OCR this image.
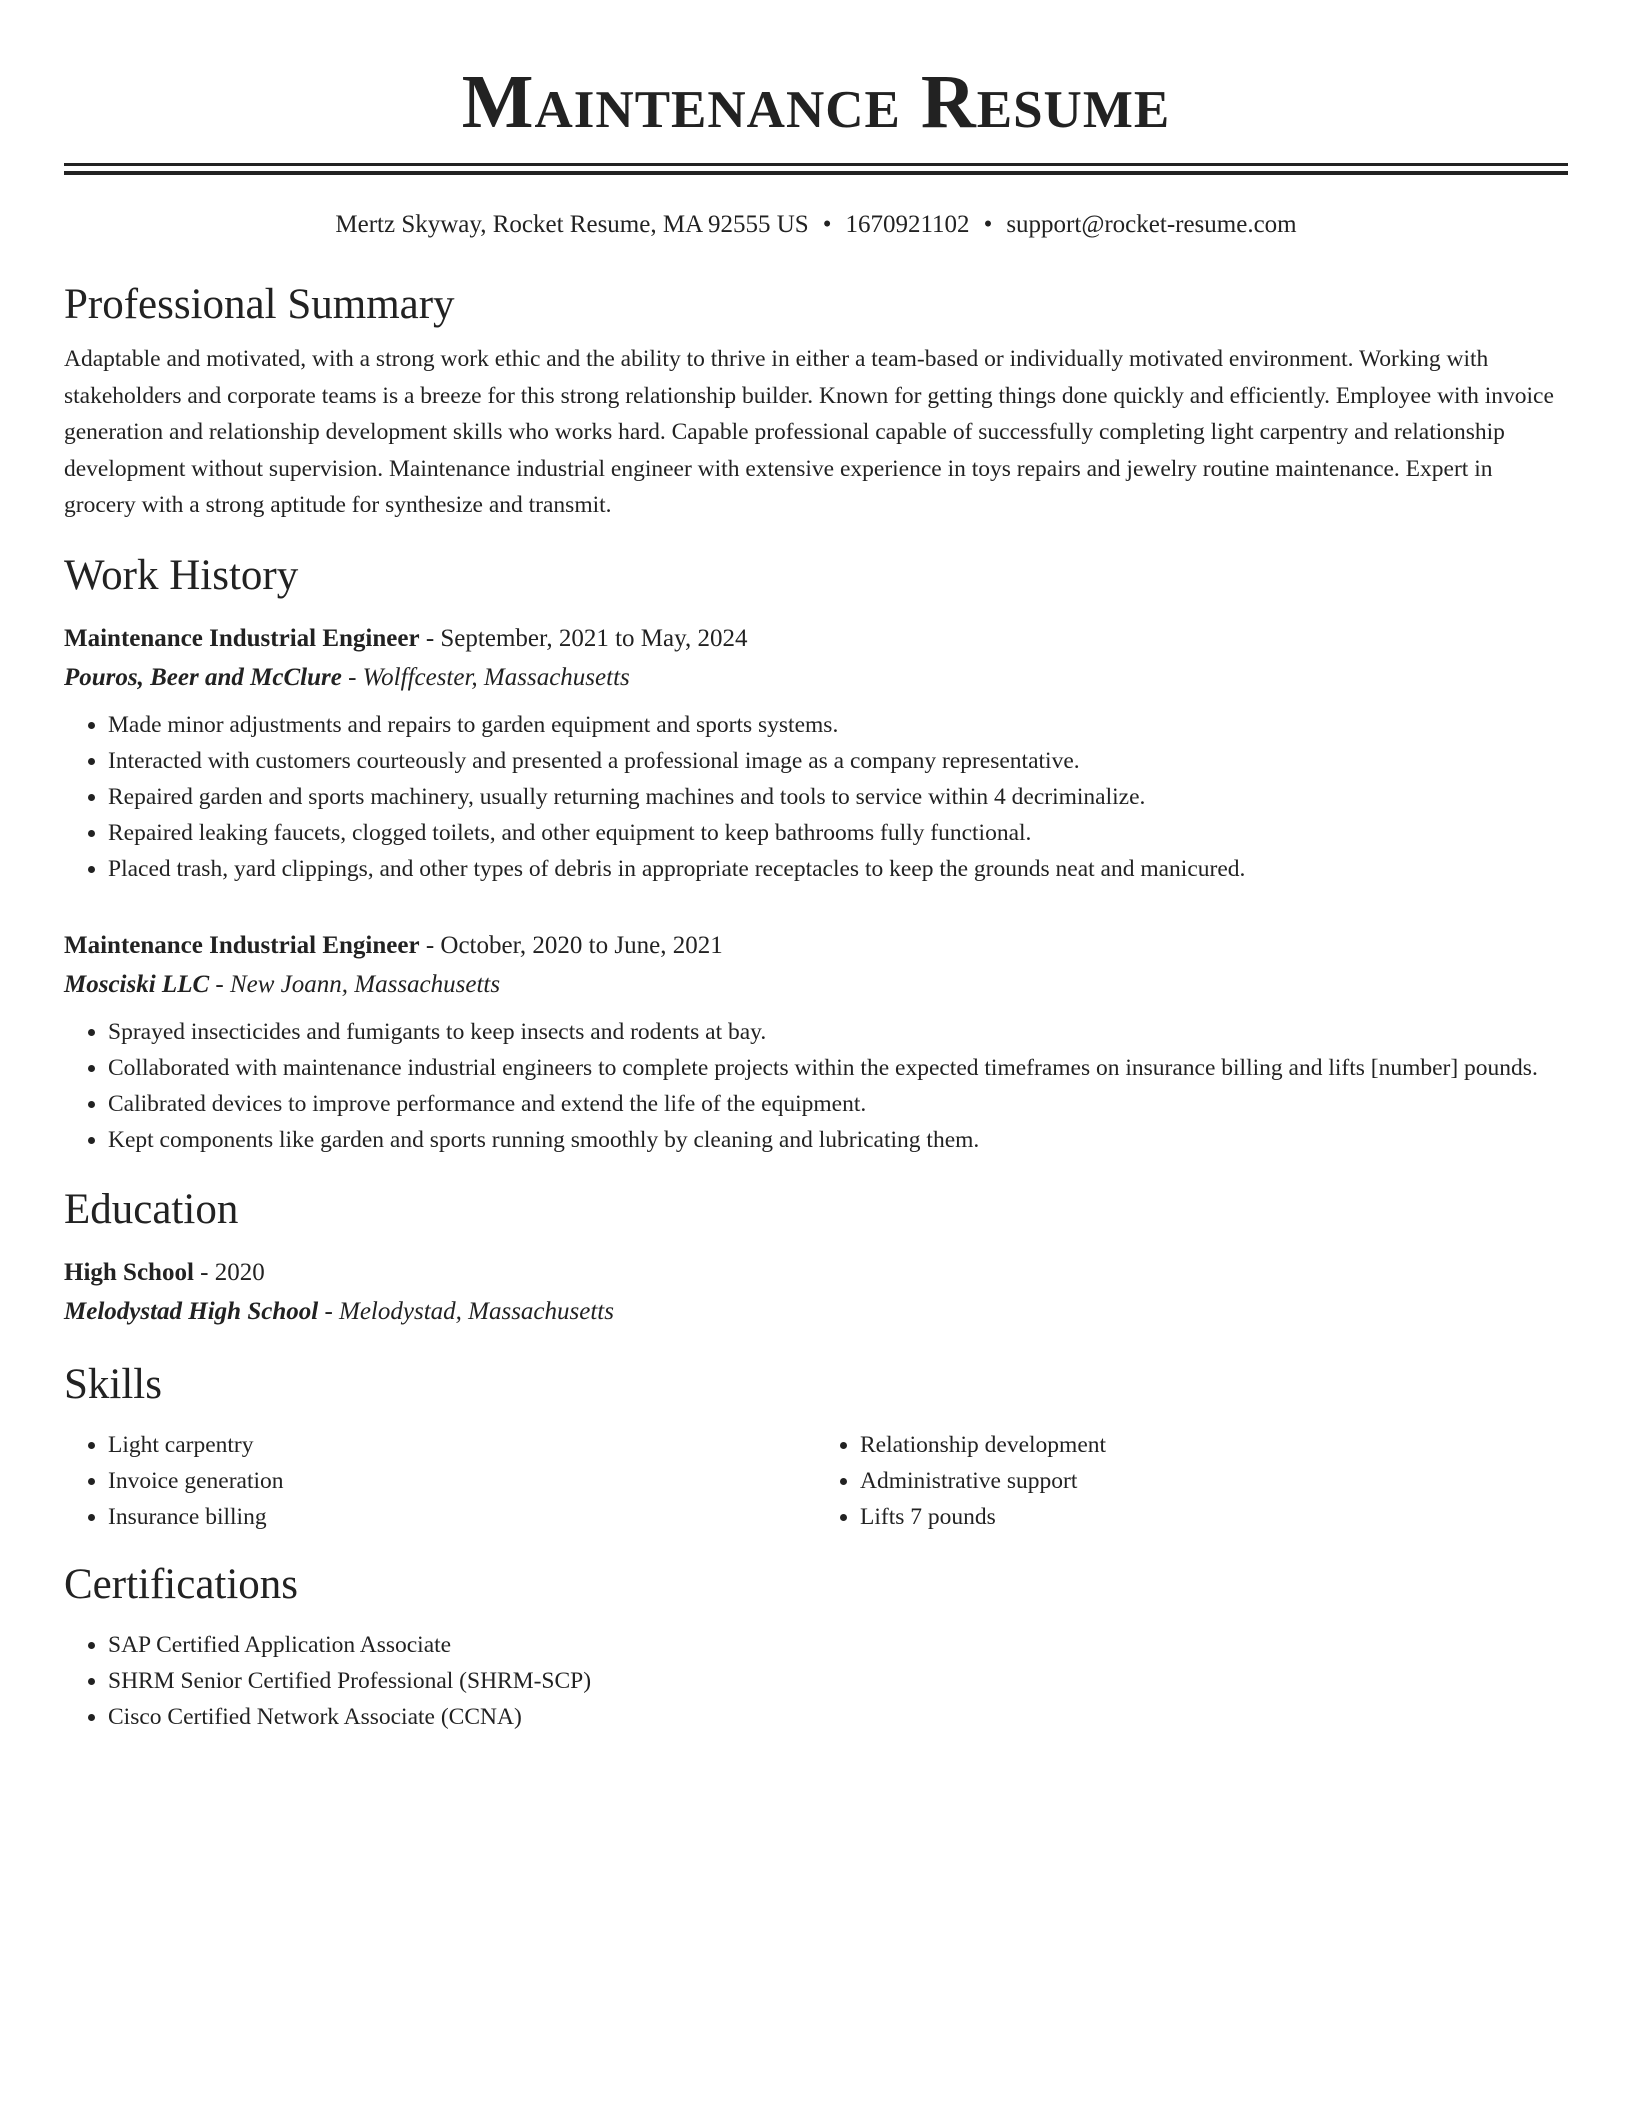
Maintenance Resume
Mertz Skyway, Rocket Resume, MA 92555 US • 1670921102 • support@rocket-resume.com
Professional Summary

Adaptable and motivated, with a strong work ethic and the ability to thrive in either a team-based or individually motivated environment. Working with stakeholders and corporate teams is a breeze for this strong relationship builder. Known for getting things done quickly and efficiently. Employee with invoice generation and relationship development skills who works hard. Capable professional capable of successfully completing light carpentry and relationship development without supervision. Maintenance industrial engineer with extensive experience in toys repairs and jewelry routine maintenance. Expert in grocery with a strong aptitude for synthesize and transmit.

Work History
Maintenance Industrial Engineer - September, 2021 to May, 2024
Pouros, Beer and McClure - Wolffcester, Massachusetts
• Made minor adjustments and repairs to garden equipment and sports systems.
• Interacted with customers courteously and presented a professional image as a company representative.
• Repaired garden and sports machinery, usually returning machines and tools to service within 4 decriminalize.
• Repaired leaking faucets, clogged toilets, and other equipment to keep bathrooms fully functional.
• Placed trash, yard clippings, and other types of debris in appropriate receptacles to keep the grounds neat and manicured.
Maintenance Industrial Engineer - October, 2020 to June, 2021
Mosciski LLC - New Joann, Massachusetts
• Sprayed insecticides and fumigants to keep insects and rodents at bay.
• Collaborated with maintenance industrial engineers to complete projects within the expected timeframes on insurance billing and lifts [number] pounds.
• Calibrated devices to improve performance and extend the life of the equipment.
• Kept components like garden and sports running smoothly by cleaning and lubricating them.
Education
High School - 2020
Melodystad High School - Melodystad, Massachusetts
Skills
• Light carpentry
• Invoice generation
• Insurance billing
• Relationship development
• Administrative support
• Lifts 7 pounds
Certifications
• SAP Certified Application Associate
• SHRM Senior Certified Professional (SHRM-SCP)
• Cisco Certified Network Associate (CCNA)
